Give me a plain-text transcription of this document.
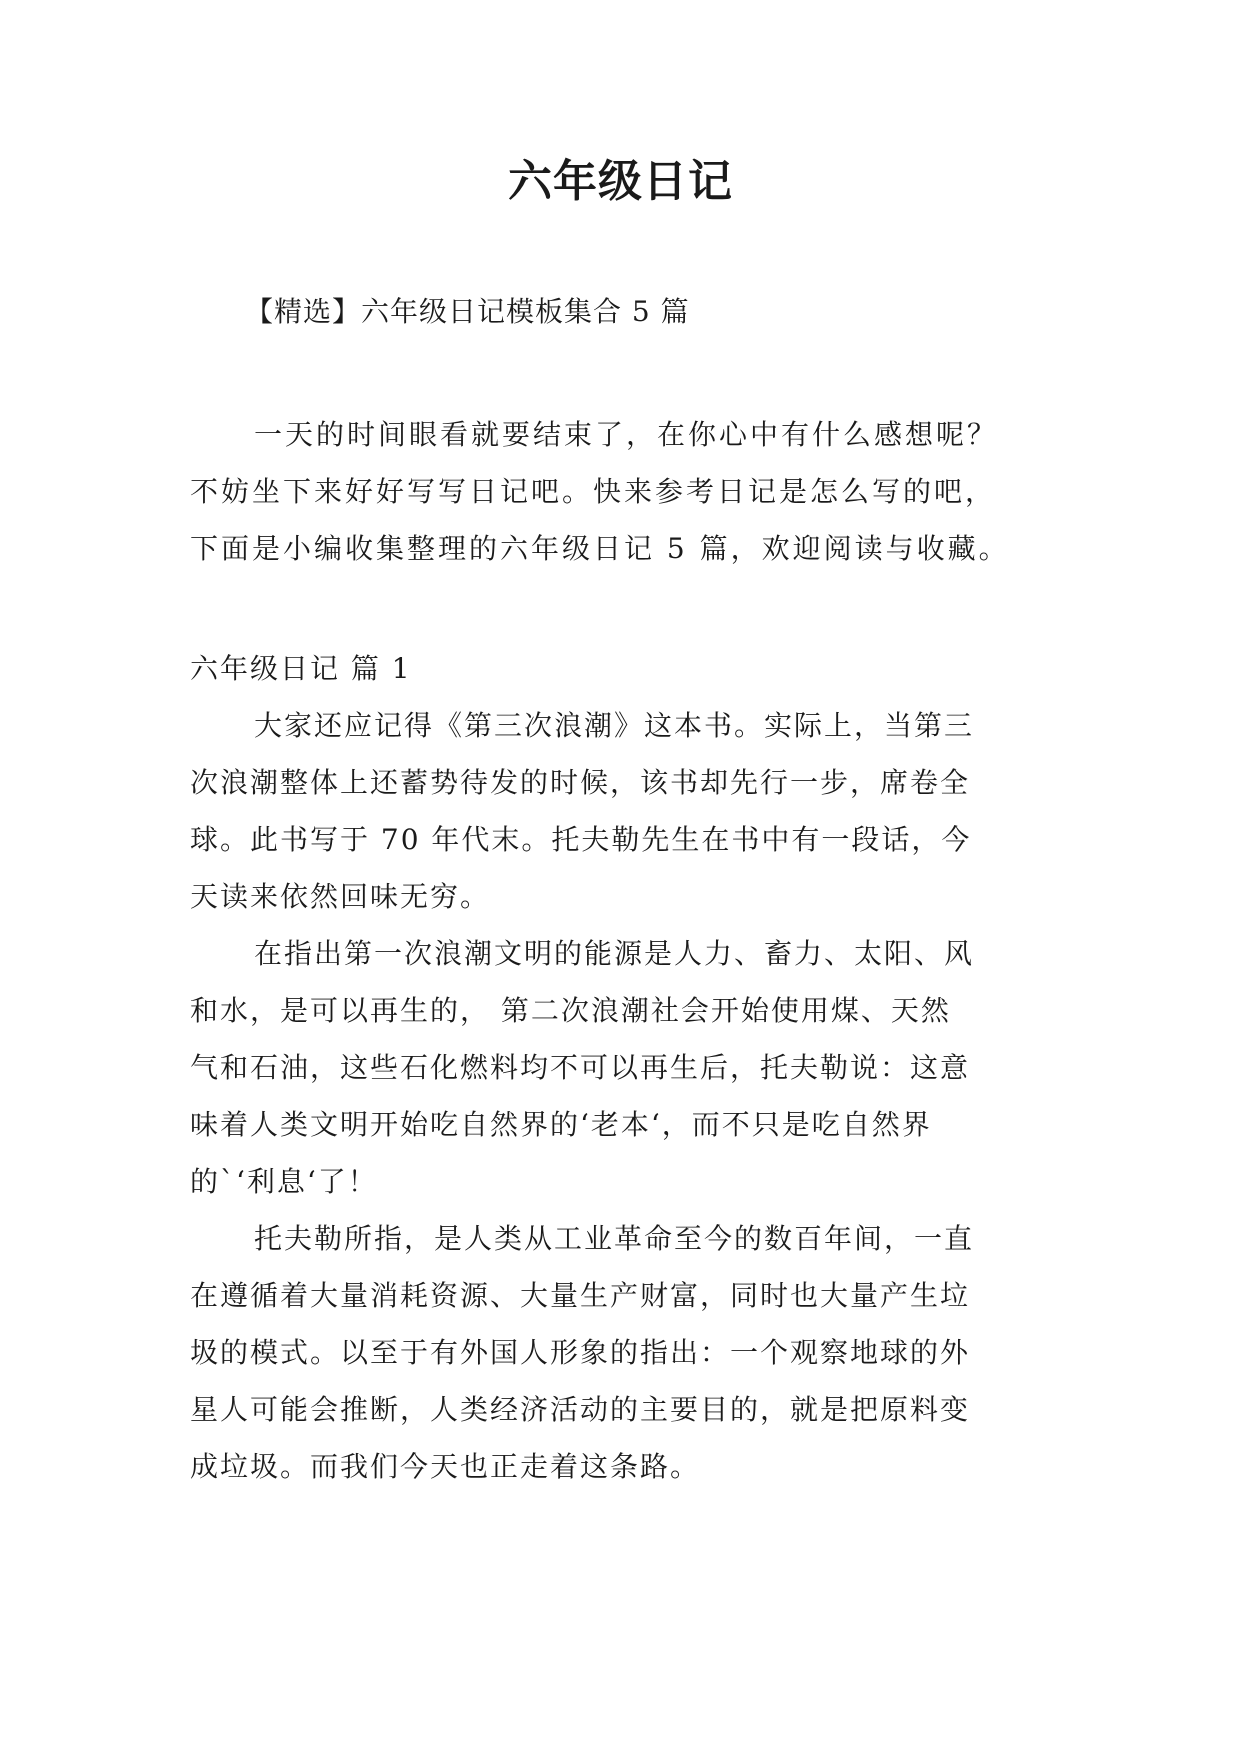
六年级日记
【精选】六年级日记模板集合 5 篇
一天的时间眼看就要结束了，在你心中有什么感想呢？
不妨坐下来好好写写日记吧。快来参考日记是怎么写的吧，
下面是小编收集整理的六年级日记 5 篇，欢迎阅读与收藏。
六年级日记 篇 1
大家还应记得《第三次浪潮》这本书。实际上，当第三
次浪潮整体上还蓄势待发的时候，该书却先行一步，席卷全
球。此书写于 70 年代末。托夫勒先生在书中有一段话，今
天读来依然回味无穷。
在指出第一次浪潮文明的能源是人力、畜力、太阳、风
和水，是可以再生的， 第二次浪潮社会开始使用煤、天然
气和石油，这些石化燃料均不可以再生后，托夫勒说：这意
味着人类文明开始吃自然界的‘老本‘，而不只是吃自然界
的`‘利息‘了！
托夫勒所指，是人类从工业革命至今的数百年间，一直
在遵循着大量消耗资源、大量生产财富，同时也大量产生垃
圾的模式。以至于有外国人形象的指出：一个观察地球的外
星人可能会推断，人类经济活动的主要目的，就是把原料变
成垃圾。而我们今天也正走着这条路。
